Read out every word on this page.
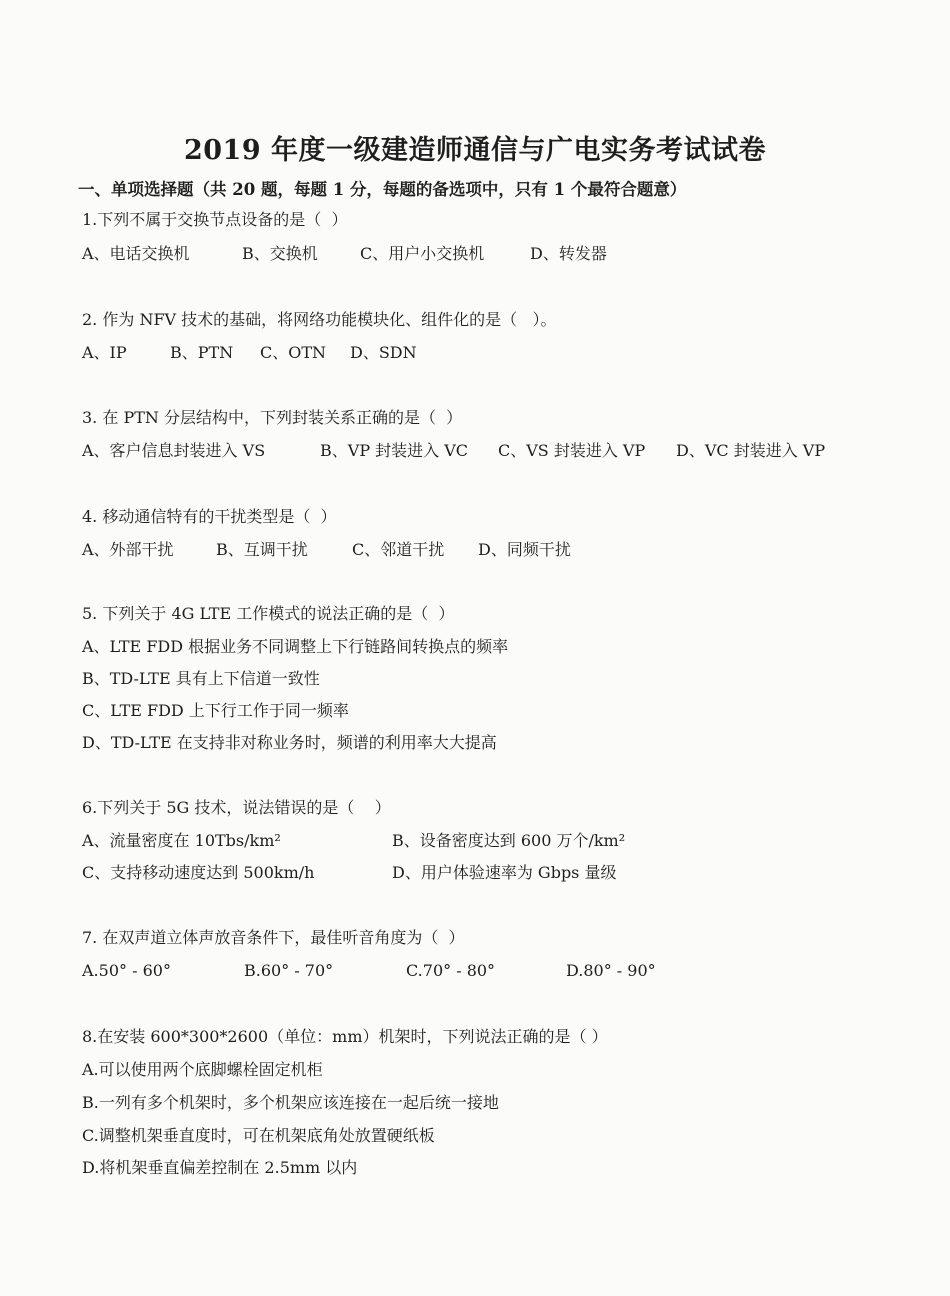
2019 年度一级建造师通信与广电实务考试试卷
一、单项选择题（共 20 题，每题 1 分，每题的备选项中，只有 1 个最符合题意）
1.下列不属于交换节点设备的是（  ）
A、电话交换机	B、交换机	C、用户小交换机	D、转发器
2. 作为 NFV 技术的基础，将网络功能模块化、组件化的是（   ）。
A、IP	B、PTN C、OTN D、SDN
3. 在 PTN 分层结构中，下列封装关系正确的是（  ）
A、客户信息封装进入 VS	B、VP 封装进入 VC C、VS 封装进入 VP D、VC 封装进入 VP
4. 移动通信特有的干扰类型是（  ）
A、外部干扰	B、互调干扰	C、邻道干扰 D、同频干扰
5. 下列关于 4G LTE 工作模式的说法正确的是（  ）
A、LTE FDD 根据业务不同调整上下行链路间转换点的频率
B、TD-LTE 具有上下信道一致性
C、LTE FDD 上下行工作于同一频率
D、TD-LTE 在支持非对称业务时，频谱的利用率大大提高
6.下列关于 5G 技术，说法错误的是（    ）
A、流量密度在 10Tbs/km²	B、设备密度达到 600 万个/km²
C、支持移动速度达到 500km/h	D、用户体验速率为 Gbps 量级
7. 在双声道立体声放音条件下，最佳听音角度为（  ）
A.50° - 60°	B.60° - 70°	C.70° - 80°	D.80° - 90°
8.在安装 600*300*2600（单位：mm）机架时，下列说法正确的是（ ）
A.可以使用两个底脚螺栓固定机柜
B.一列有多个机架时，多个机架应该连接在一起后统一接地
C.调整机架垂直度时，可在机架底角处放置硬纸板
D.将机架垂直偏差控制在 2.5mm 以内
